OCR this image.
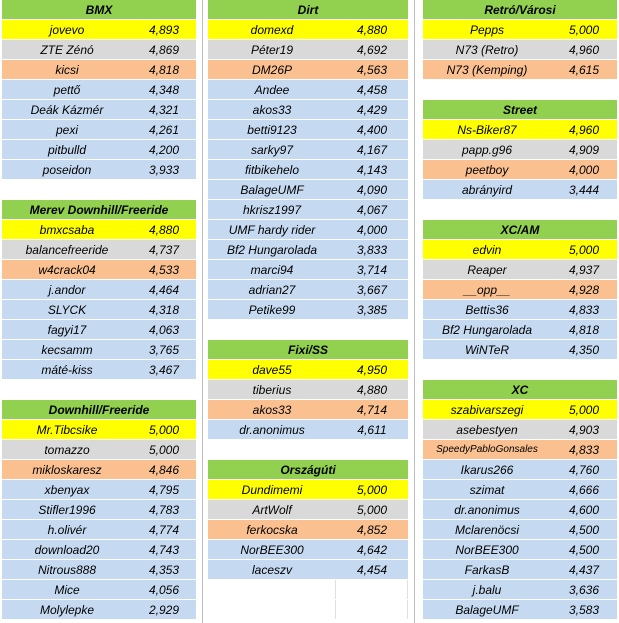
BMX
jovevo	4,893
ZTE Zénó	4,869
kicsi	4,818
pettő	4,348
Deák Kázmér	4,321
pexi	4,261
pitbulld	4,200
poseidon	3,933
Merev Downhill/Freeride
bmxcsaba	4,880
balancefreeride	4,737
w4crack04	4,533
j.andor	4,464
SLYCK	4,318
fagyi17	4,063
kecsamm	3,765
máté-kiss	3,467
Downhill/Freeride
Mr.Tibcsike	5,000
tomazzo	5,000
mikloskaresz	4,846
xbenyax	4,795
Stifler1996	4,783
h.olivér	4,774
download20	4,743
Nitrous888	4,353
Mice	4,056
Molylepke	2,929
Dirt
domexd	4,880
Péter19	4,692
DM26P	4,563
Andee	4,458
akos33	4,429
betti9123	4,400
sarky97	4,167
fitbikehelo	4,143
BalageUMF	4,090
hkrisz1997	4,067
UMF hardy rider	4,000
Bf2 Hungarolada	3,833
marci94	3,714
adrian27	3,667
Petike99	3,385
Fixi/SS
dave55	4,950
tiberius	4,880
akos33	4,714
dr.anonimus	4,611
Országúti
Dundimemi	5,000
ArtWolf	5,000
ferkocska	4,852
NorBEE300	4,642
laceszv	4,454
Retró/Városi
Pepps	5,000
N73 (Retro)	4,960
N73 (Kemping)	4,615
Street
Ns-Biker87	4,960
papp.g96	4,909
peetboy	4,000
abrányird	3,444
XC/AM
edvin	5,000
Reaper	4,937
__opp__	4,928
Bettis36	4,833
Bf2 Hungarolada	4,818
WiNTeR	4,350
XC
szabivarszegi	5,000
asebestyen	4,903
SpeedyPabloGonsales	4,833
Ikarus266	4,760
szimat	4,666
dr.anonimus	4,600
Mclarenöcsi	4,500
NorBEE300	4,500
FarkasB	4,437
j.balu	3,636
BalageUMF	3,583
